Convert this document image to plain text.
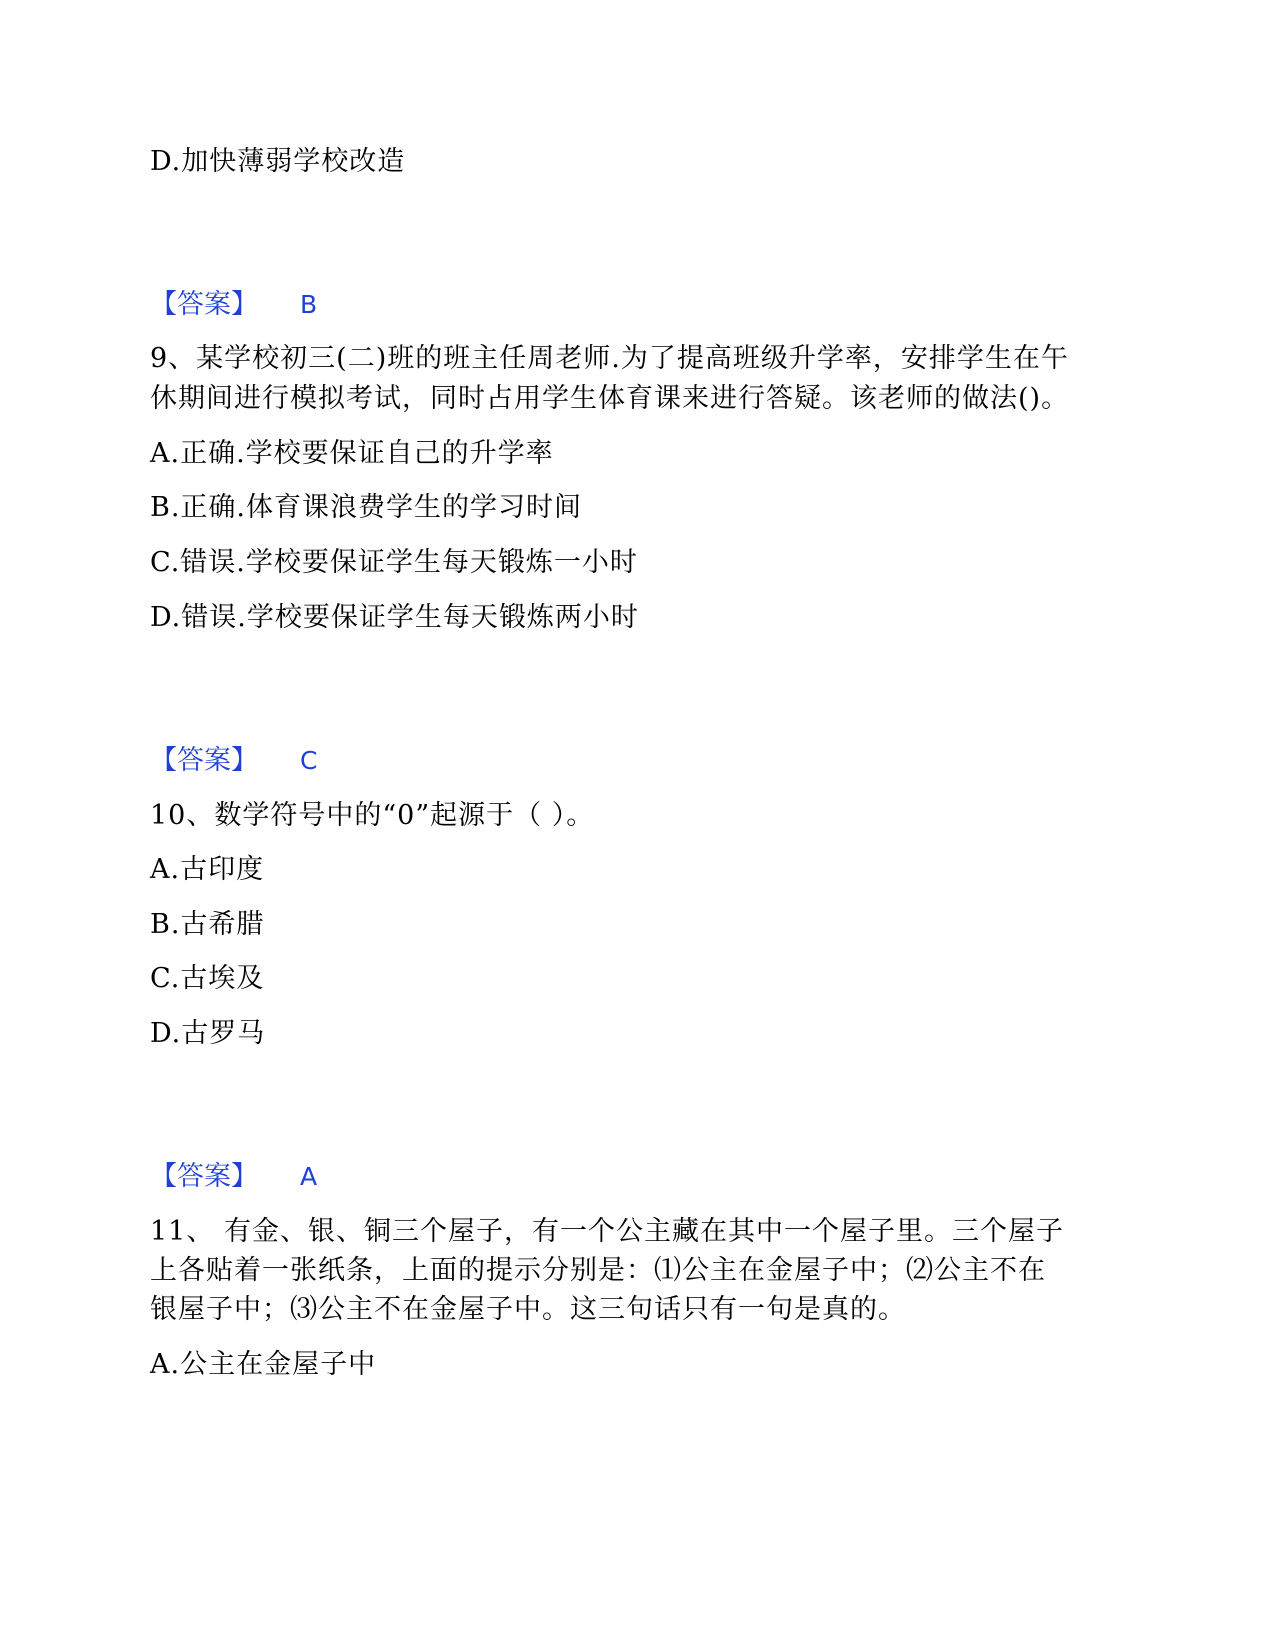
D.加快薄弱学校改造
【答案】 B
9、某学校初三(二)班的班主任周老师.为了提高班级升学率，安排学生在午
休期间进行模拟考试，同时占用学生体育课来进行答疑。该老师的做法()。
A.正确.学校要保证自己的升学率
B.正确.体育课浪费学生的学习时间
C.错误.学校要保证学生每天锻炼一小时
D.错误.学校要保证学生每天锻炼两小时
【答案】 C
10、数学符号中的“0”起源于（ ）。
A.古印度
B.古希腊
C.古埃及
D.古罗马
【答案】 A
11、 有金、银、铜三个屋子，有一个公主藏在其中一个屋子里。三个屋子
上各贴着一张纸条，上面的提示分别是：⑴公主在金屋子中；⑵公主不在
银屋子中；⑶公主不在金屋子中。这三句话只有一句是真的。
A.公主在金屋子中
